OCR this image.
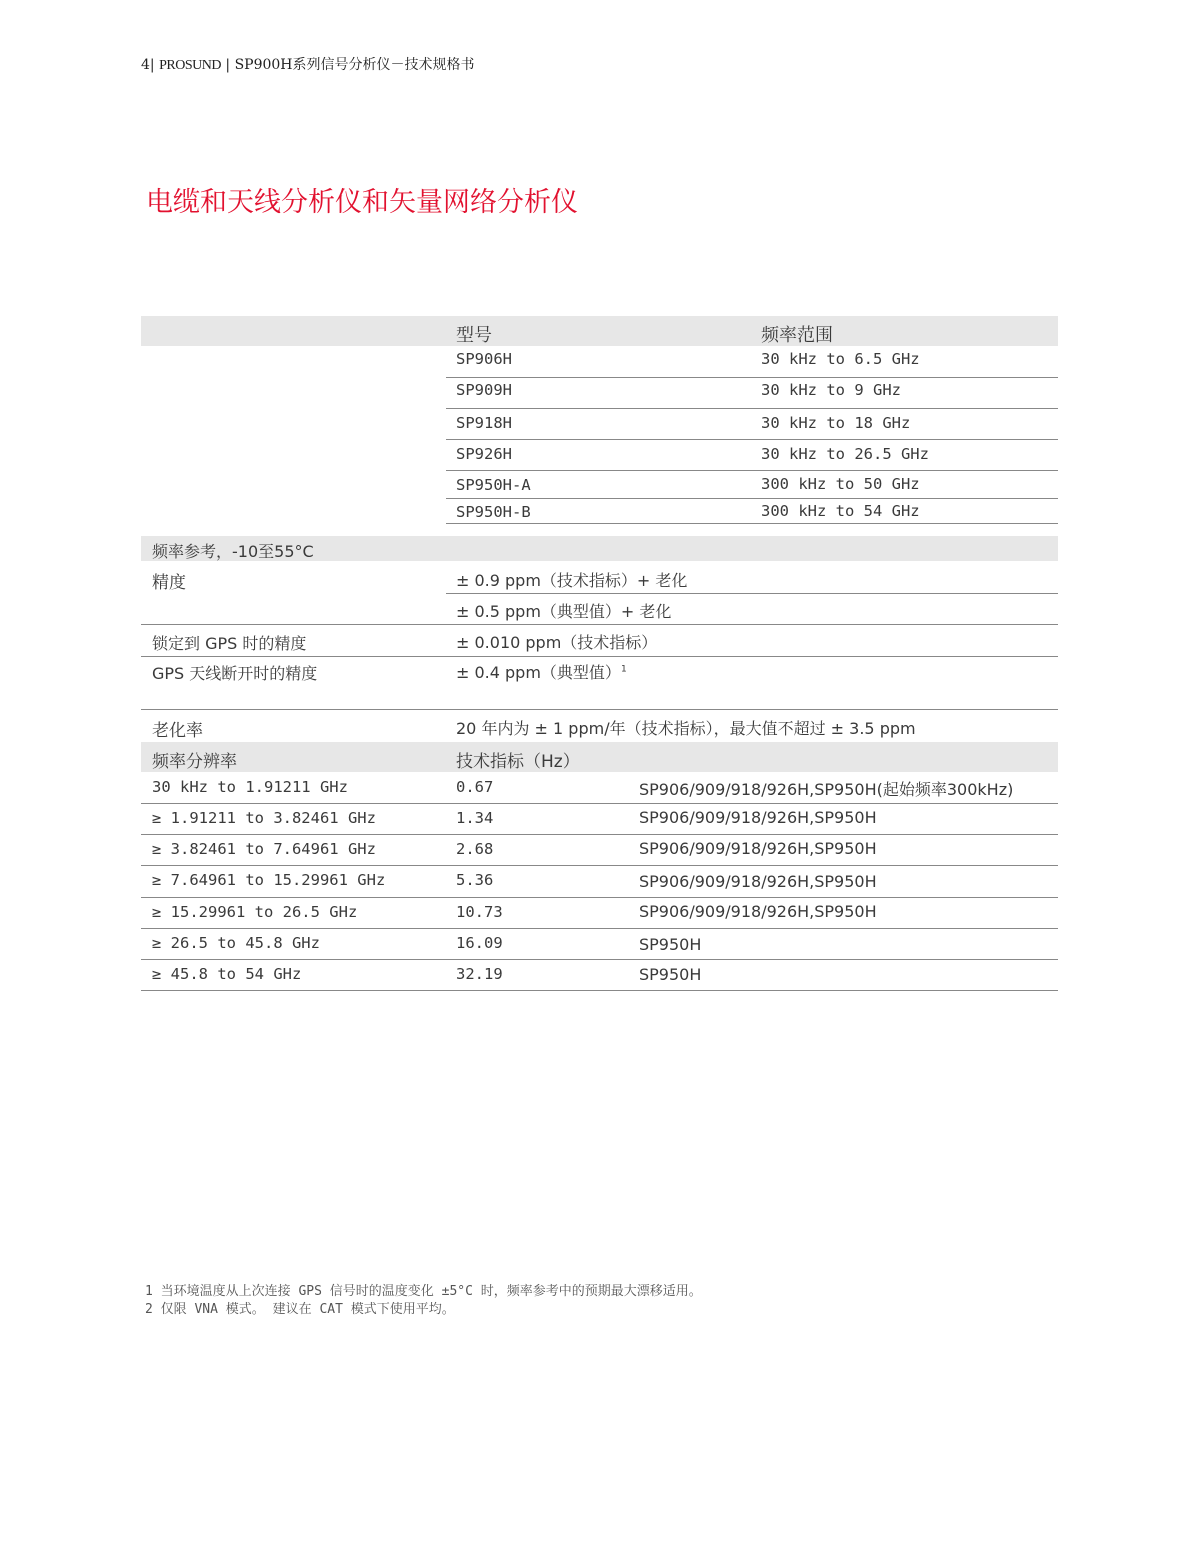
4| PROSUND | SP900H系列信号分析仪－技术规格书
电缆和天线分析仪和矢量网络分析仪
型号	频率范围
SP906H	30 kHz to 6.5 GHz
SP909H	30 kHz to 9 GHz
SP918H	30 kHz to 18 GHz
SP926H	30 kHz to 26.5 GHz
SP950H-A	300 kHz to 50 GHz
SP950H-B	300 kHz to 54 GHz
频率参考，-10至55°C
精度	± 0.9 ppm（技术指标）+ 老化
± 0.5 ppm（典型值）+ 老化
锁定到 GPS 时的精度	± 0.010 ppm（技术指标）
GPS 天线断开时的精度	± 0.4 ppm（典型值）$^1$
老化率	20 年内为 ± 1 ppm/年（技术指标），最大值不超过 ± 3.5 ppm
频率分辨率	技术指标（Hz）
30 kHz to 1.91211 GHz	0.67	SP906/909/918/926H,SP950H(起始频率300kHz)
≥ 1.91211 to 3.82461 GHz	1.34	SP906/909/918/926H,SP950H
≥ 3.82461 to 7.64961 GHz	2.68	SP906/909/918/926H,SP950H
≥ 7.64961 to 15.29961 GHz	5.36	SP906/909/918/926H,SP950H
≥ 15.29961 to 26.5 GHz	10.73	SP906/909/918/926H,SP950H
≥ 26.5 to 45.8 GHz	16.09	SP950H
≥ 45.8 to 54 GHz	32.19	SP950H
1 当环境温度从上次连接 GPS 信号时的温度变化 ±5°C 时，频率参考中的预期最大漂移适用。
2 仅限 VNA 模式。 建议在 CAT 模式下使用平均。
